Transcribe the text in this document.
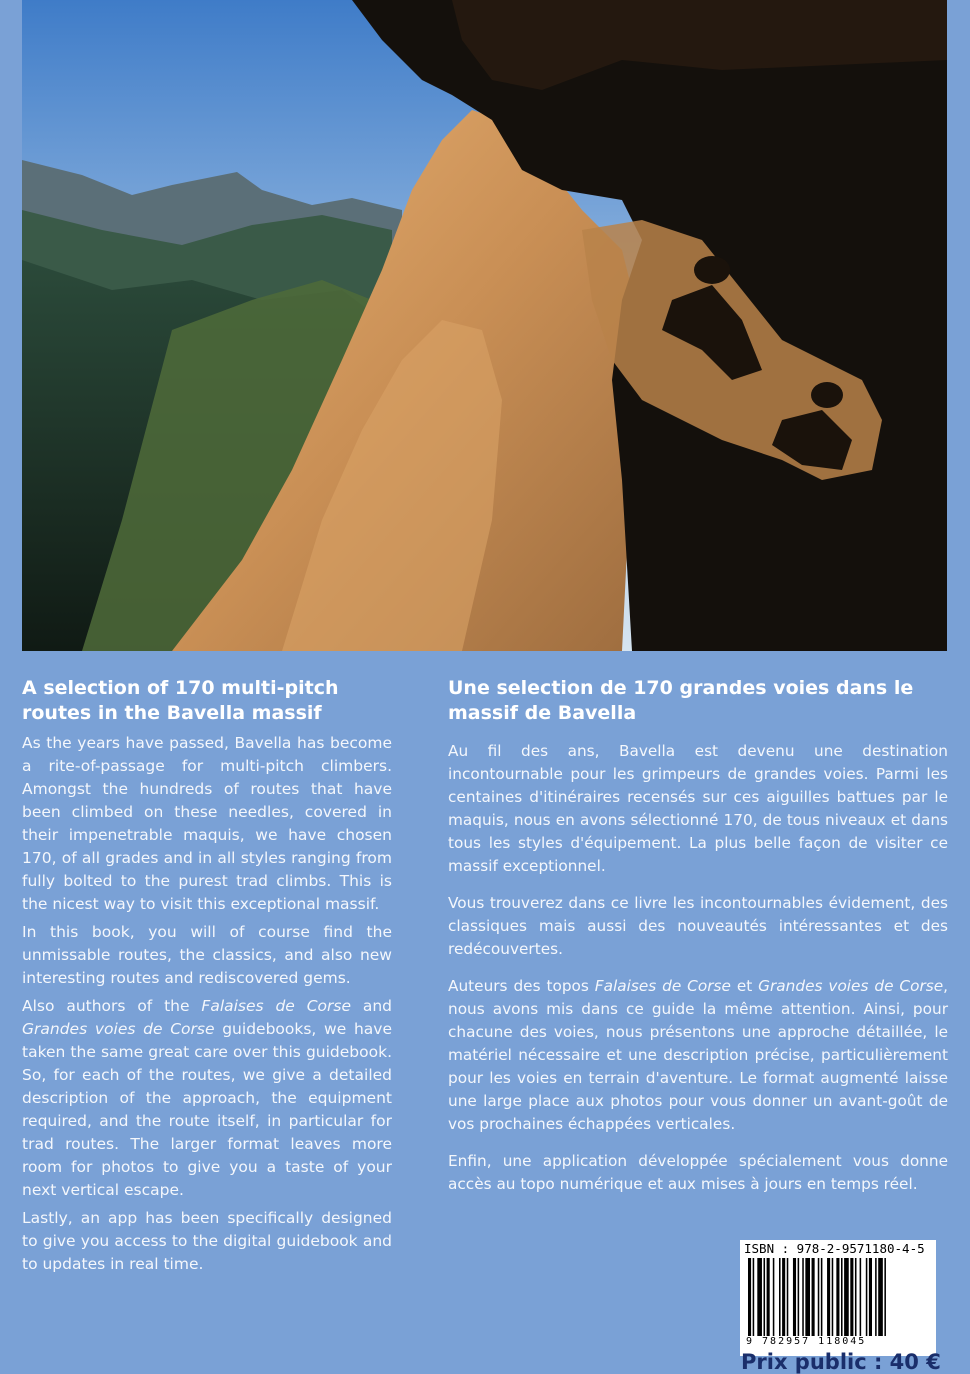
A selection of 170 multi-pitch routes in the Bavella massif

As the years have passed, Bavella has become a rite-of-passage for multi-pitch climbers. Amongst the hundreds of routes that have been climbed on these needles, covered in their impenetrable maquis, we have chosen 170, of all grades and in all styles ranging from fully bolted to the purest trad climbs. This is the nicest way to visit this exceptional massif.

In this book, you will of course find the unmissable routes, the classics, and also new interesting routes and rediscovered gems.

Also authors of the Falaises de Corse and Grandes voies de Corse guidebooks, we have taken the same great care over this guidebook. So, for each of the routes, we give a detailed description of the approach, the equipment required, and the route itself, in particular for trad routes. The larger format leaves more room for photos to give you a taste of your next vertical escape.

Lastly, an app has been specifically designed to give you access to the digital guidebook and to updates in real time.

Une selection de 170 grandes voies dans le massif de Bavella

Au fil des ans, Bavella est devenu une destination incontournable pour les grimpeurs de grandes voies. Parmi les centaines d'itinéraires recensés sur ces aiguilles battues par le maquis, nous en avons sélectionné 170, de tous niveaux et dans tous les styles d'équipement. La plus belle façon de visiter ce massif exceptionnel.

Vous trouverez dans ce livre les incontournables évidement, des classiques mais aussi des nouveautés intéressantes et des redécouvertes.

Auteurs des topos Falaises de Corse et Grandes voies de Corse, nous avons mis dans ce guide la même attention. Ainsi, pour chacune des voies, nous présentons une approche détaillée, le matériel nécessaire et une description précise, particulièrement pour les voies en terrain d'aventure. Le format augmenté laisse une large place aux photos pour vous donner un avant-goût de vos prochaines échappées verticales.

Enfin, une application développée spécialement vous donne accès au topo numérique et aux mises à jours en temps réel.

ISBN : 978-2-9571180-4-5
9 782957 118045
Prix public : 40 €
